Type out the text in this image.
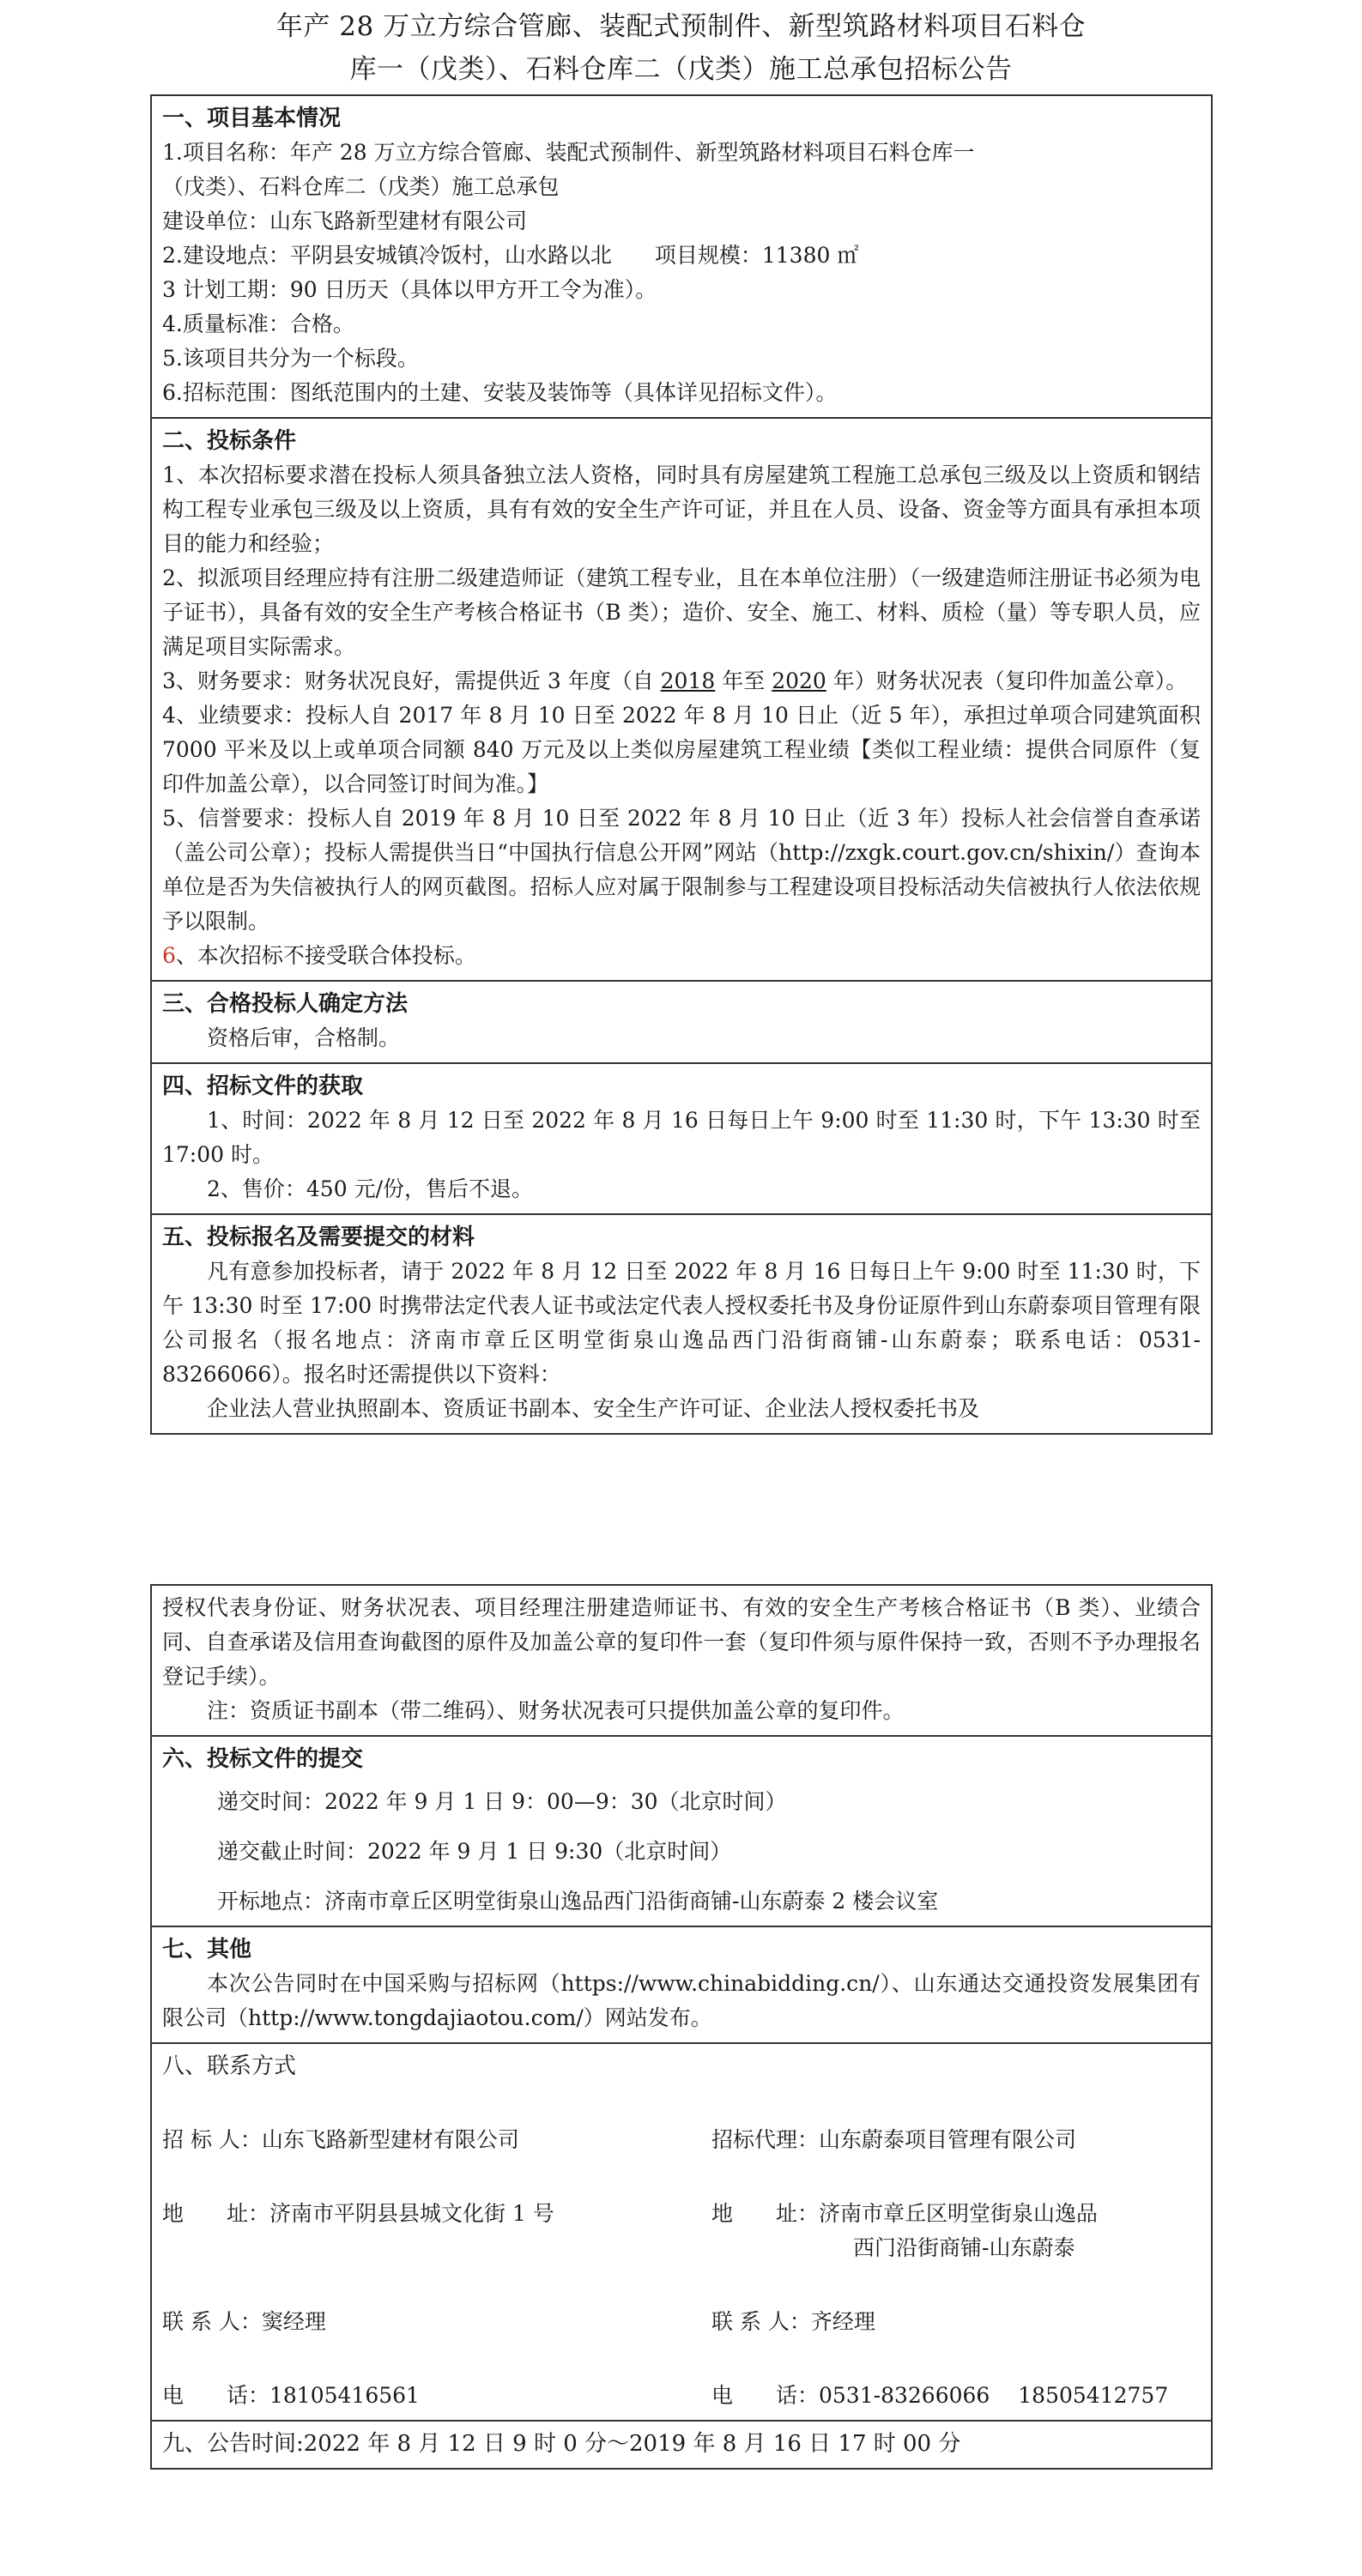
年产 28 万立方综合管廊、装配式预制件、新型筑路材料项目石料仓
库一（戊类）、石料仓库二（戊类）施工总承包招标公告
一、项目基本情况
1.项目名称：年产 28 万立方综合管廊、装配式预制件、新型筑路材料项目石料仓库一
（戊类）、石料仓库二（戊类）施工总承包
建设单位：山东飞路新型建材有限公司
2.建设地点：平阴县安城镇冷饭村，山水路以北　　项目规模：11380 ㎡
3 计划工期：90 日历天（具体以甲方开工令为准）。
4.质量标准：合格。
5.该项目共分为一个标段。
6.招标范围：图纸范围内的土建、安装及装饰等（具体详见招标文件）。
二、投标条件
1、本次招标要求潜在投标人须具备独立法人资格，同时具有房屋建筑工程施工总承包三级及以上资质和钢结构工程专业承包三级及以上资质，具有有效的安全生产许可证，并且在人员、设备、资金等方面具有承担本项目的能力和经验；
2、拟派项目经理应持有注册二级建造师证（建筑工程专业，且在本单位注册）（一级建造师注册证书必须为电子证书），具备有效的安全生产考核合格证书（B 类）；造价、安全、施工、材料、质检（量）等专职人员，应满足项目实际需求。
3、财务要求：财务状况良好，需提供近 3 年度（自 2018 年至 2020 年）财务状况表（复印件加盖公章）。
4、业绩要求：投标人自 2017 年 8 月 10 日至 2022 年 8 月 10 日止（近 5 年），承担过单项合同建筑面积 7000 平米及以上或单项合同额 840 万元及以上类似房屋建筑工程业绩【类似工程业绩：提供合同原件（复印件加盖公章），以合同签订时间为准。】
5、信誉要求：投标人自 2019 年 8 月 10 日至 2022 年 8 月 10 日止（近 3 年）投标人社会信誉自查承诺（盖公司公章）；投标人需提供当日“中国执行信息公开网”网站（http://zxgk.court.gov.cn/shixin/）查询本单位是否为失信被执行人的网页截图。招标人应对属于限制参与工程建设项目投标活动失信被执行人依法依规予以限制。
6、本次招标不接受联合体投标。
三、合格投标人确定方法
资格后审，合格制。
四、招标文件的获取
1、时间：2022 年 8 月 12 日至 2022 年 8 月 16 日每日上午 9:00 时至 11:30 时，下午 13:30 时至 17:00 时。
2、售价：450 元/份，售后不退。
五、投标报名及需要提交的材料
凡有意参加投标者，请于 2022 年 8 月 12 日至 2022 年 8 月 16 日每日上午 9:00 时至 11:30 时，下午 13:30 时至 17:00 时携带法定代表人证书或法定代表人授权委托书及身份证原件到山东蔚泰项目管理有限公司报名（报名地点：济南市章丘区明堂街泉山逸品西门沿街商铺-山东蔚泰；联系电话：0531-83266066）。报名时还需提供以下资料：
企业法人营业执照副本、资质证书副本、安全生产许可证、企业法人授权委托书及
授权代表身份证、财务状况表、项目经理注册建造师证书、有效的安全生产考核合格证书（B 类）、业绩合同、自查承诺及信用查询截图的原件及加盖公章的复印件一套（复印件须与原件保持一致，否则不予办理报名登记手续）。
注：资质证书副本（带二维码）、财务状况表可只提供加盖公章的复印件。
六、投标文件的提交
递交时间：2022 年 9 月 1 日 9：00—9：30（北京时间）
递交截止时间：2022 年 9 月 1 日 9:30（北京时间）
开标地点：济南市章丘区明堂街泉山逸品西门沿街商铺-山东蔚泰 2 楼会议室
七、其他
本次公告同时在中国采购与招标网（https://www.chinabidding.cn/）、山东通达交通投资发展集团有限公司（http://www.tongdajiaotou.com/）网站发布。
八、联系方式
招 标 人：山东飞路新型建材有限公司	招标代理：山东蔚泰项目管理有限公司
地　　址：济南市平阴县县城文化街 1 号	地　　址：济南市章丘区明堂街泉山逸品
西门沿街商铺-山东蔚泰
联 系 人：窦经理	联 系 人：齐经理
电　　话：18105416561	电　　话：0531-83266066　 18505412757
九、公告时间:2022 年 8 月 12 日 9 时 0 分～2019 年 8 月 16 日 17 时 00 分
